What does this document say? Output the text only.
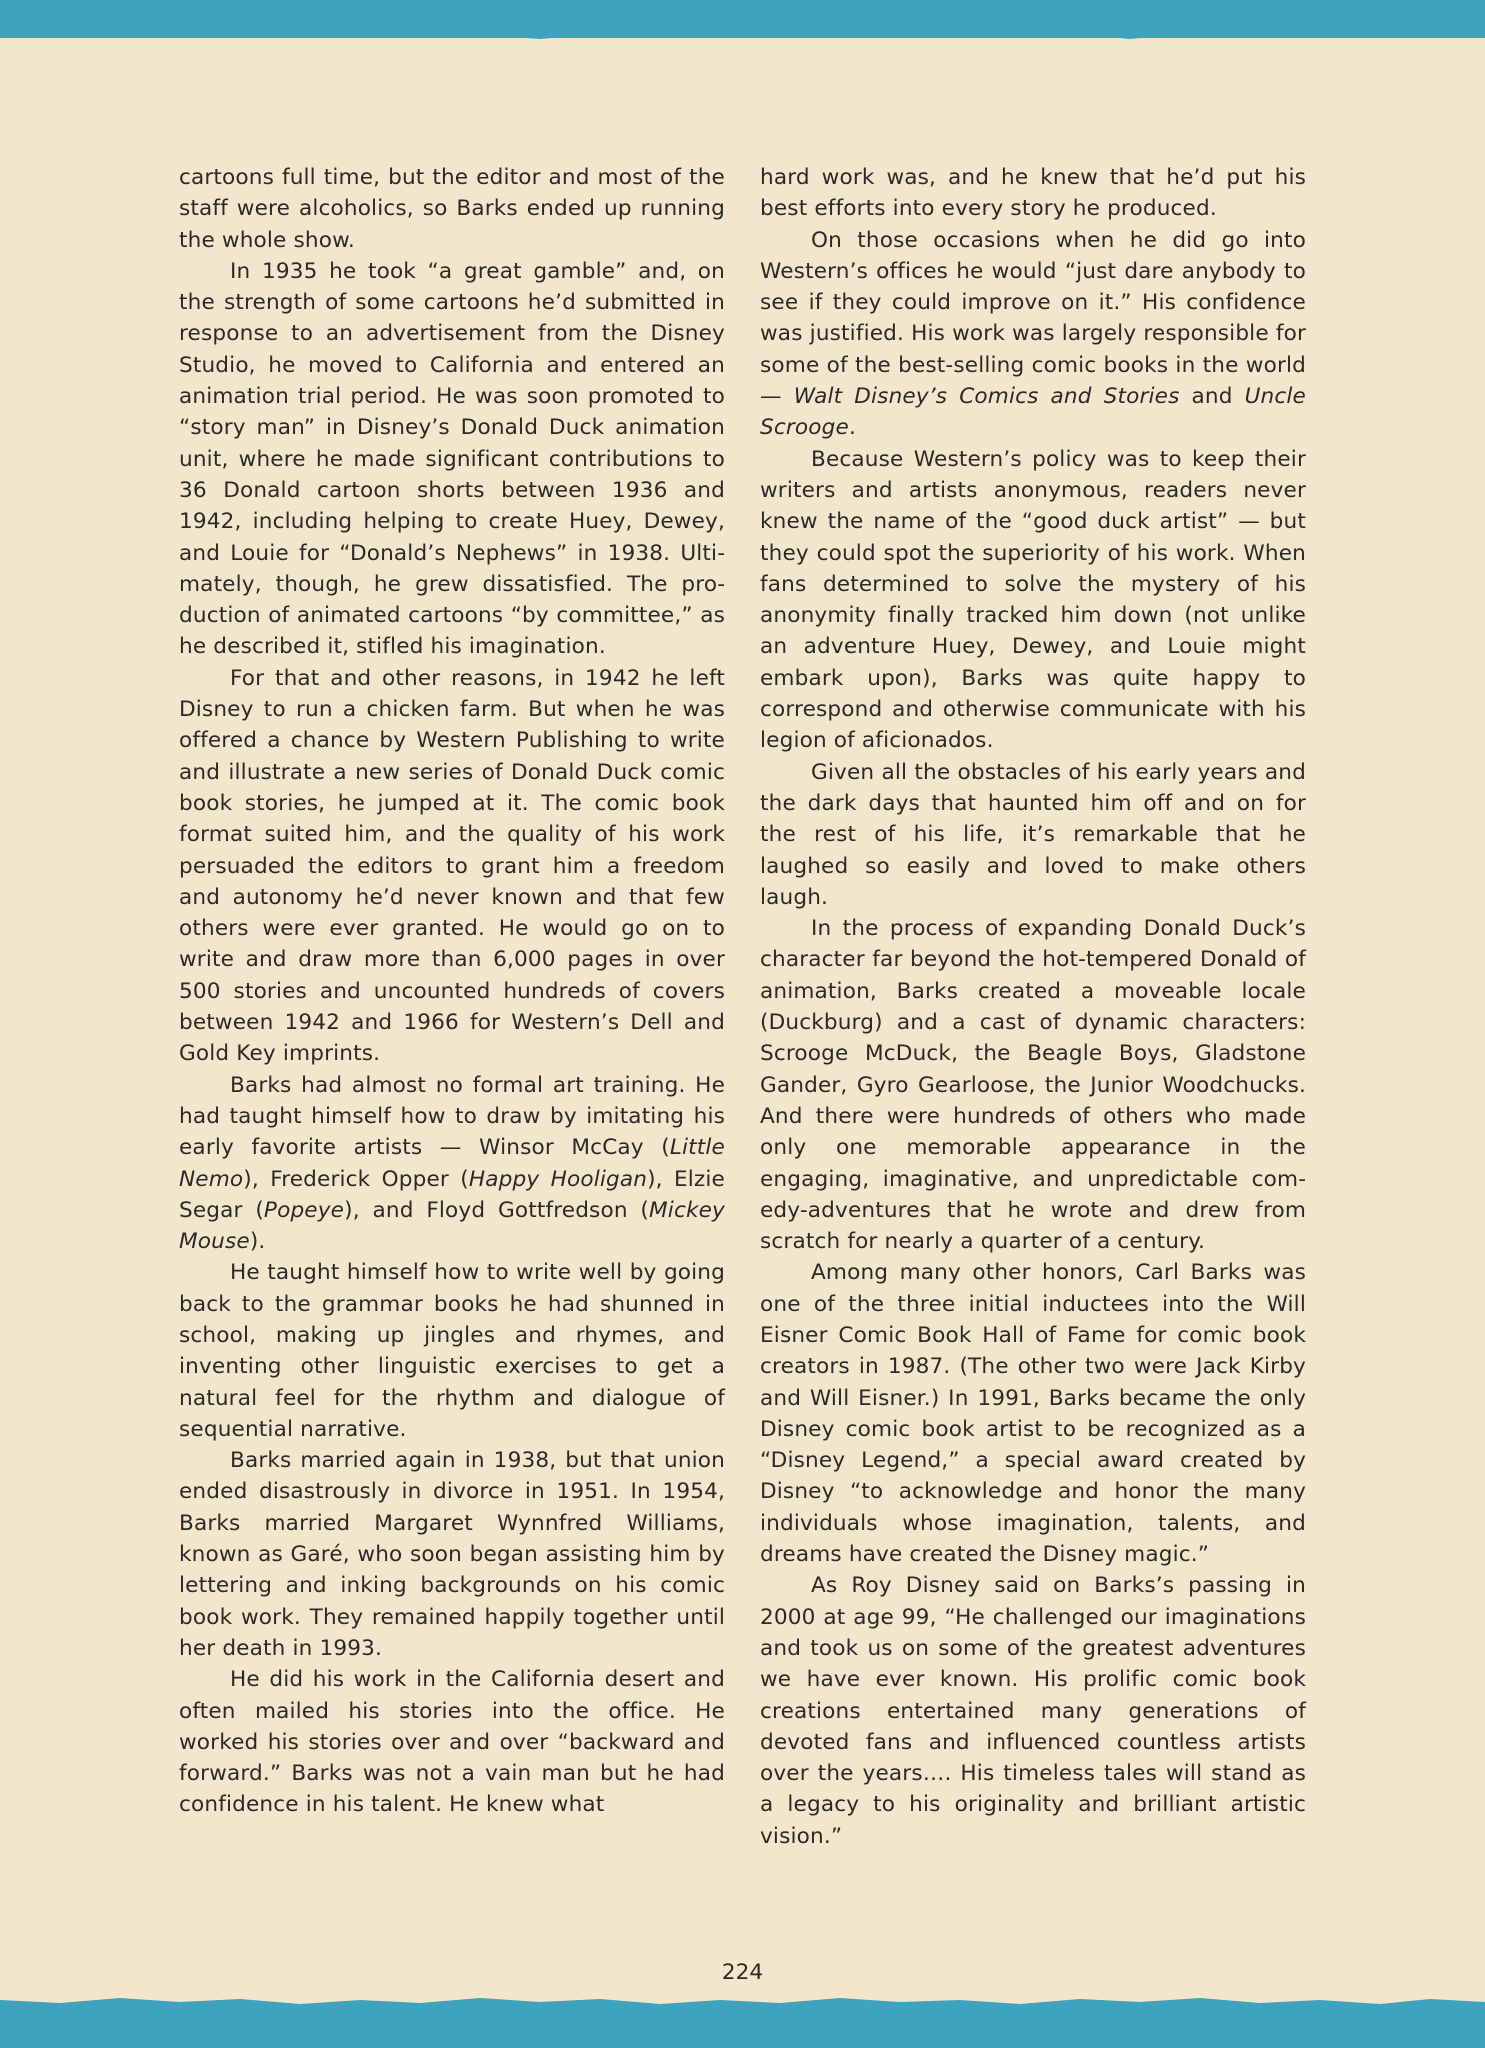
cartoons full time, but the editor and most of the staff were alcoholics, so Barks ended up running the whole show.

In 1935 he took “a great gamble” and, on the strength of some cartoons he’d submitted in response to an advertisement from the Disney Studio, he moved to California and entered an animation trial period. He was soon promoted to “story man” in Disney’s Donald Duck animation unit, where he made significant contributions to 36 Donald cartoon shorts between 1936 and 1942, including helping to create Huey, Dewey, and Louie for “Donald’s Nephews” in 1938. Ultimately, though, he grew dissatisfied. The production of animated cartoons “by committee,” as he described it, stifled his imagination.

For that and other reasons, in 1942 he left Disney to run a chicken farm. But when he was offered a chance by Western Publishing to write and illustrate a new series of Donald Duck comic book stories, he jumped at it. The comic book format suited him, and the quality of his work persuaded the editors to grant him a freedom and autonomy he’d never known and that few others were ever granted. He would go on to write and draw more than 6,000 pages in over 500 stories and uncounted hundreds of covers between 1942 and 1966 for Western’s Dell and Gold Key imprints.

Barks had almost no formal art training. He had taught himself how to draw by imitating his early favorite artists — Winsor McCay (Little Nemo), Frederick Opper (Happy Hooligan), Elzie Segar (Popeye), and Floyd Gottfredson (Mickey Mouse).

He taught himself how to write well by going back to the grammar books he had shunned in school, making up jingles and rhymes, and inventing other linguistic exercises to get a natural feel for the rhythm and dialogue of sequential narrative.

Barks married again in 1938, but that union ended disastrously in divorce in 1951. In 1954, Barks married Margaret Wynnfred Williams, known as Garé, who soon began assisting him by lettering and inking backgrounds on his comic book work. They remained happily together until her death in 1993.

He did his work in the California desert and often mailed his stories into the office. He worked his stories over and over “backward and forward.” Barks was not a vain man but he had confidence in his talent. He knew what

hard work was, and he knew that he’d put his best efforts into every story he produced.

On those occasions when he did go into Western’s offices he would “just dare anybody to see if they could improve on it.” His confidence was justified. His work was largely responsible for some of the best-selling comic books in the world — Walt Disney’s Comics and Stories and Uncle Scrooge.

Because Western’s policy was to keep their writers and artists anonymous, readers never knew the name of the “good duck artist” — but they could spot the superiority of his work. When fans determined to solve the mystery of his anonymity finally tracked him down (not unlike an adventure Huey, Dewey, and Louie might embark upon), Barks was quite happy to correspond and otherwise communicate with his legion of aficionados.

Given all the obstacles of his early years and the dark days that haunted him off and on for the rest of his life, it’s remarkable that he laughed so easily and loved to make others laugh.

In the process of expanding Donald Duck’s character far beyond the hot-tempered Donald of animation, Barks created a moveable locale (Duckburg) and a cast of dynamic characters: Scrooge McDuck, the Beagle Boys, Gladstone Gander, Gyro Gearloose, the Junior Woodchucks. And there were hundreds of others who made only one memorable appearance in the engaging, imaginative, and unpredictable comedy-adventures that he wrote and drew from scratch for nearly a quarter of a century.

Among many other honors, Carl Barks was one of the three initial inductees into the Will Eisner Comic Book Hall of Fame for comic book creators in 1987. (The other two were Jack Kirby and Will Eisner.) In 1991, Barks became the only Disney comic book artist to be recognized as a “Disney Legend,” a special award created by Disney “to acknowledge and honor the many individuals whose imagination, talents, and dreams have created the Disney magic.”

As Roy Disney said on Barks’s passing in 2000 at age 99, “He challenged our imaginations and took us on some of the greatest adventures we have ever known. His prolific comic book creations entertained many generations of devoted fans and influenced countless artists over the years…. His timeless tales will stand as a legacy to his originality and brilliant artistic vision.”

224
